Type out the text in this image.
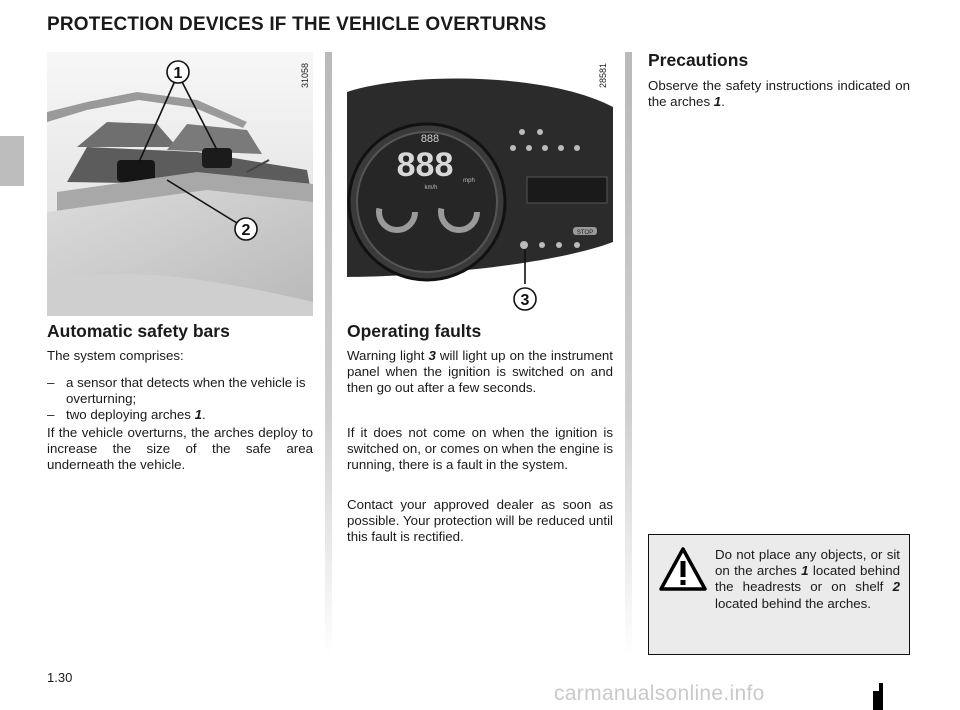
PROTECTION DEVICES IF THE VEHICLE OVERTURNS
1
2
31058
888
888
km/h
mph
STOP
3
28581
Automatic safety bars

The system comprises:

– a sensor that detects when the vehicle is overturning;
– two deploying arches 1.

If the vehicle overturns, the arches deploy to increase the size of the safe area underneath the vehicle.

Operating faults

Warning light 3 will light up on the instrument panel when the ignition is switched on and then go out after a few seconds.

If it does not come on when the ignition is switched on, or comes on when the engine is running, there is a fault in the system.

Contact your approved dealer as soon as possible. Your protection will be reduced until this fault is rectified.

Precautions

Observe the safety instructions indicated on the arches 1.

Do not place any objects, or sit on the arches 1 located behind the headrests or on shelf 2 located behind the arches.

1.30
carmanualsonline.info
